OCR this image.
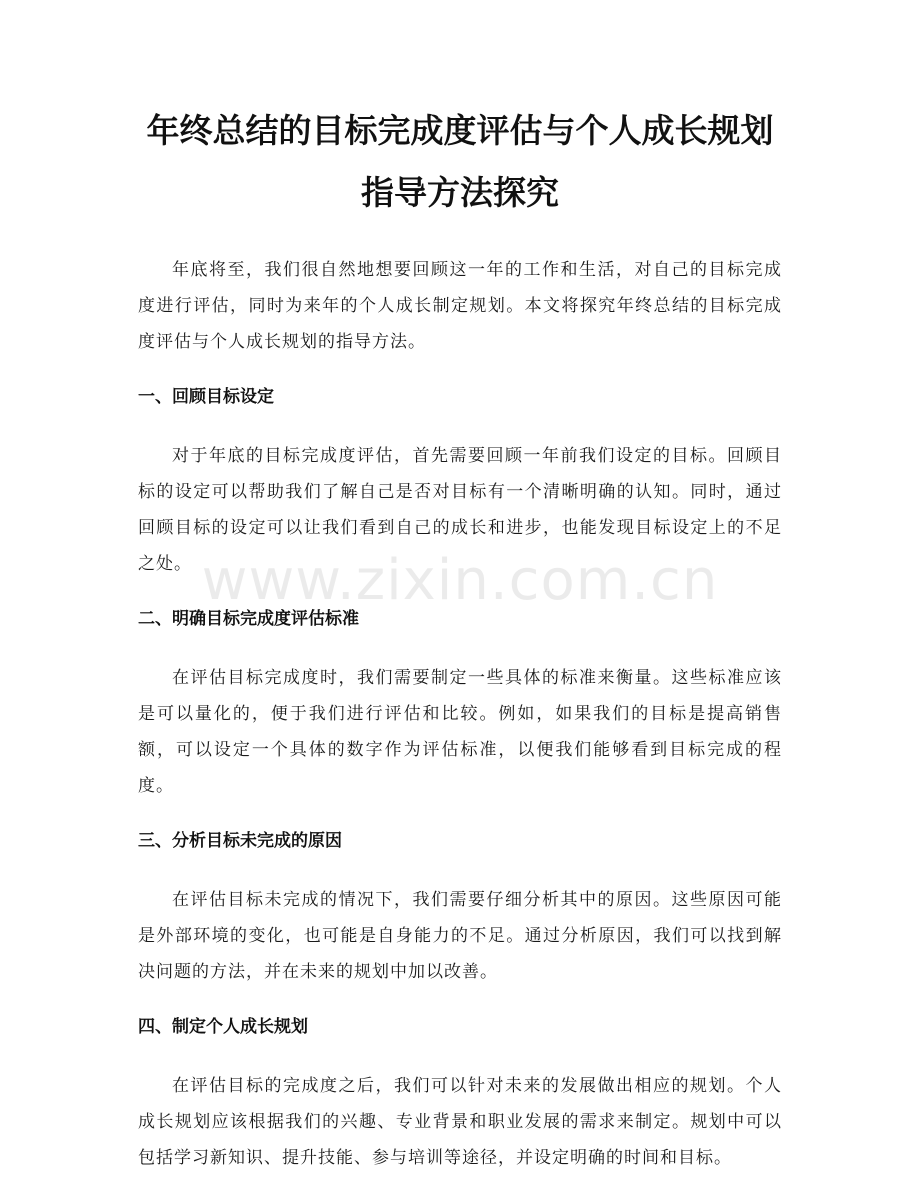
年终总结的目标完成度评估与个人成长规划
指导方法探究

年底将至，我们很自然地想要回顾这一年的工作和生活，对自己的目标完成度进行评估，同时为来年的个人成长制定规划。本文将探究年终总结的目标完成度评估与个人成长规划的指导方法。

一、回顾目标设定

对于年底的目标完成度评估，首先需要回顾一年前我们设定的目标。回顾目标的设定可以帮助我们了解自己是否对目标有一个清晰明确的认知。同时，通过回顾目标的设定可以让我们看到自己的成长和进步，也能发现目标设定上的不足之处。

二、明确目标完成度评估标准

在评估目标完成度时，我们需要制定一些具体的标准来衡量。这些标准应该是可以量化的，便于我们进行评估和比较。例如，如果我们的目标是提高销售额，可以设定一个具体的数字作为评估标准，以便我们能够看到目标完成的程度。

三、分析目标未完成的原因

在评估目标未完成的情况下，我们需要仔细分析其中的原因。这些原因可能是外部环境的变化，也可能是自身能力的不足。通过分析原因，我们可以找到解决问题的方法，并在未来的规划中加以改善。

四、制定个人成长规划

在评估目标的完成度之后，我们可以针对未来的发展做出相应的规划。个人成长规划应该根据我们的兴趣、专业背景和职业发展的需求来制定。规划中可以包括学习新知识、提升技能、参与培训等途径，并设定明确的时间和目标。

www.zixin.com.cn
